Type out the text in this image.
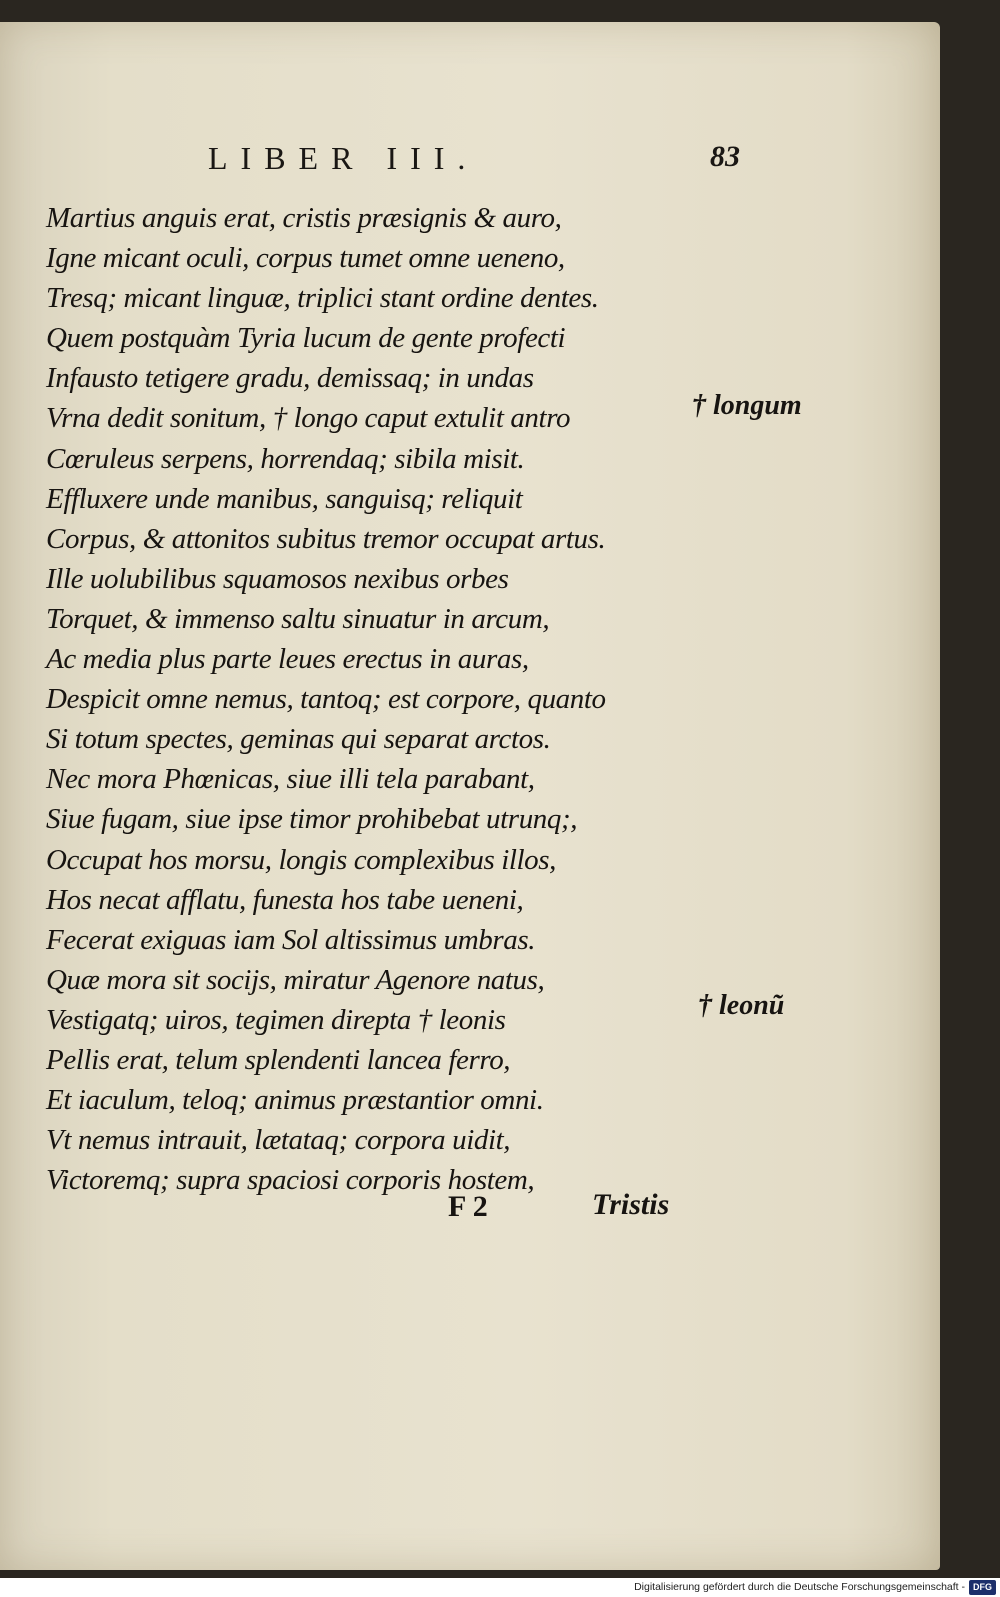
LIBER III.	83
Martius anguis erat, cristis præsignis & auro,
Igne micant oculi, corpus tumet omne ueneno,
Tresq; micant linguæ, triplici stant ordine dentes.
Quem postquàm Tyria lucum de gente profecti
Infausto tetigere gradu, demissaq; in undas
Vrna dedit sonitum, † longo caput extulit antro
Cœruleus serpens, horrendaq; sibila misit.
Effluxere unde manibus, sanguisq; reliquit
Corpus, & attonitos subitus tremor occupat artus.
Ille uolubilibus squamosos nexibus orbes
Torquet, & immenso saltu sinuatur in arcum,
Ac media plus parte leues erectus in auras,
Despicit omne nemus, tantoq; est corpore, quanto
Si totum spectes, geminas qui separat arctos.
Nec mora Phœnicas, siue illi tela parabant,
Siue fugam, siue ipse timor prohibebat utrunq;,
Occupat hos morsu, longis complexibus illos,
Hos necat afflatu, funesta hos tabe ueneni,
Fecerat exiguas iam Sol altissimus umbras.
Quæ mora sit socijs, miratur Agenore natus,
Vestigatq; uiros, tegimen direpta † leonis
Pellis erat, telum splendenti lancea ferro,
Et iaculum, teloq; animus præstantior omni.
Vt nemus intrauit, lætataq; corpora uidit,
Victoremq; supra spaciosi corporis hostem,
† longum
† leonũ
F 2	Tristis
Digitalisierung gefördert durch die Deutsche Forschungsgemeinschaft - DFG
